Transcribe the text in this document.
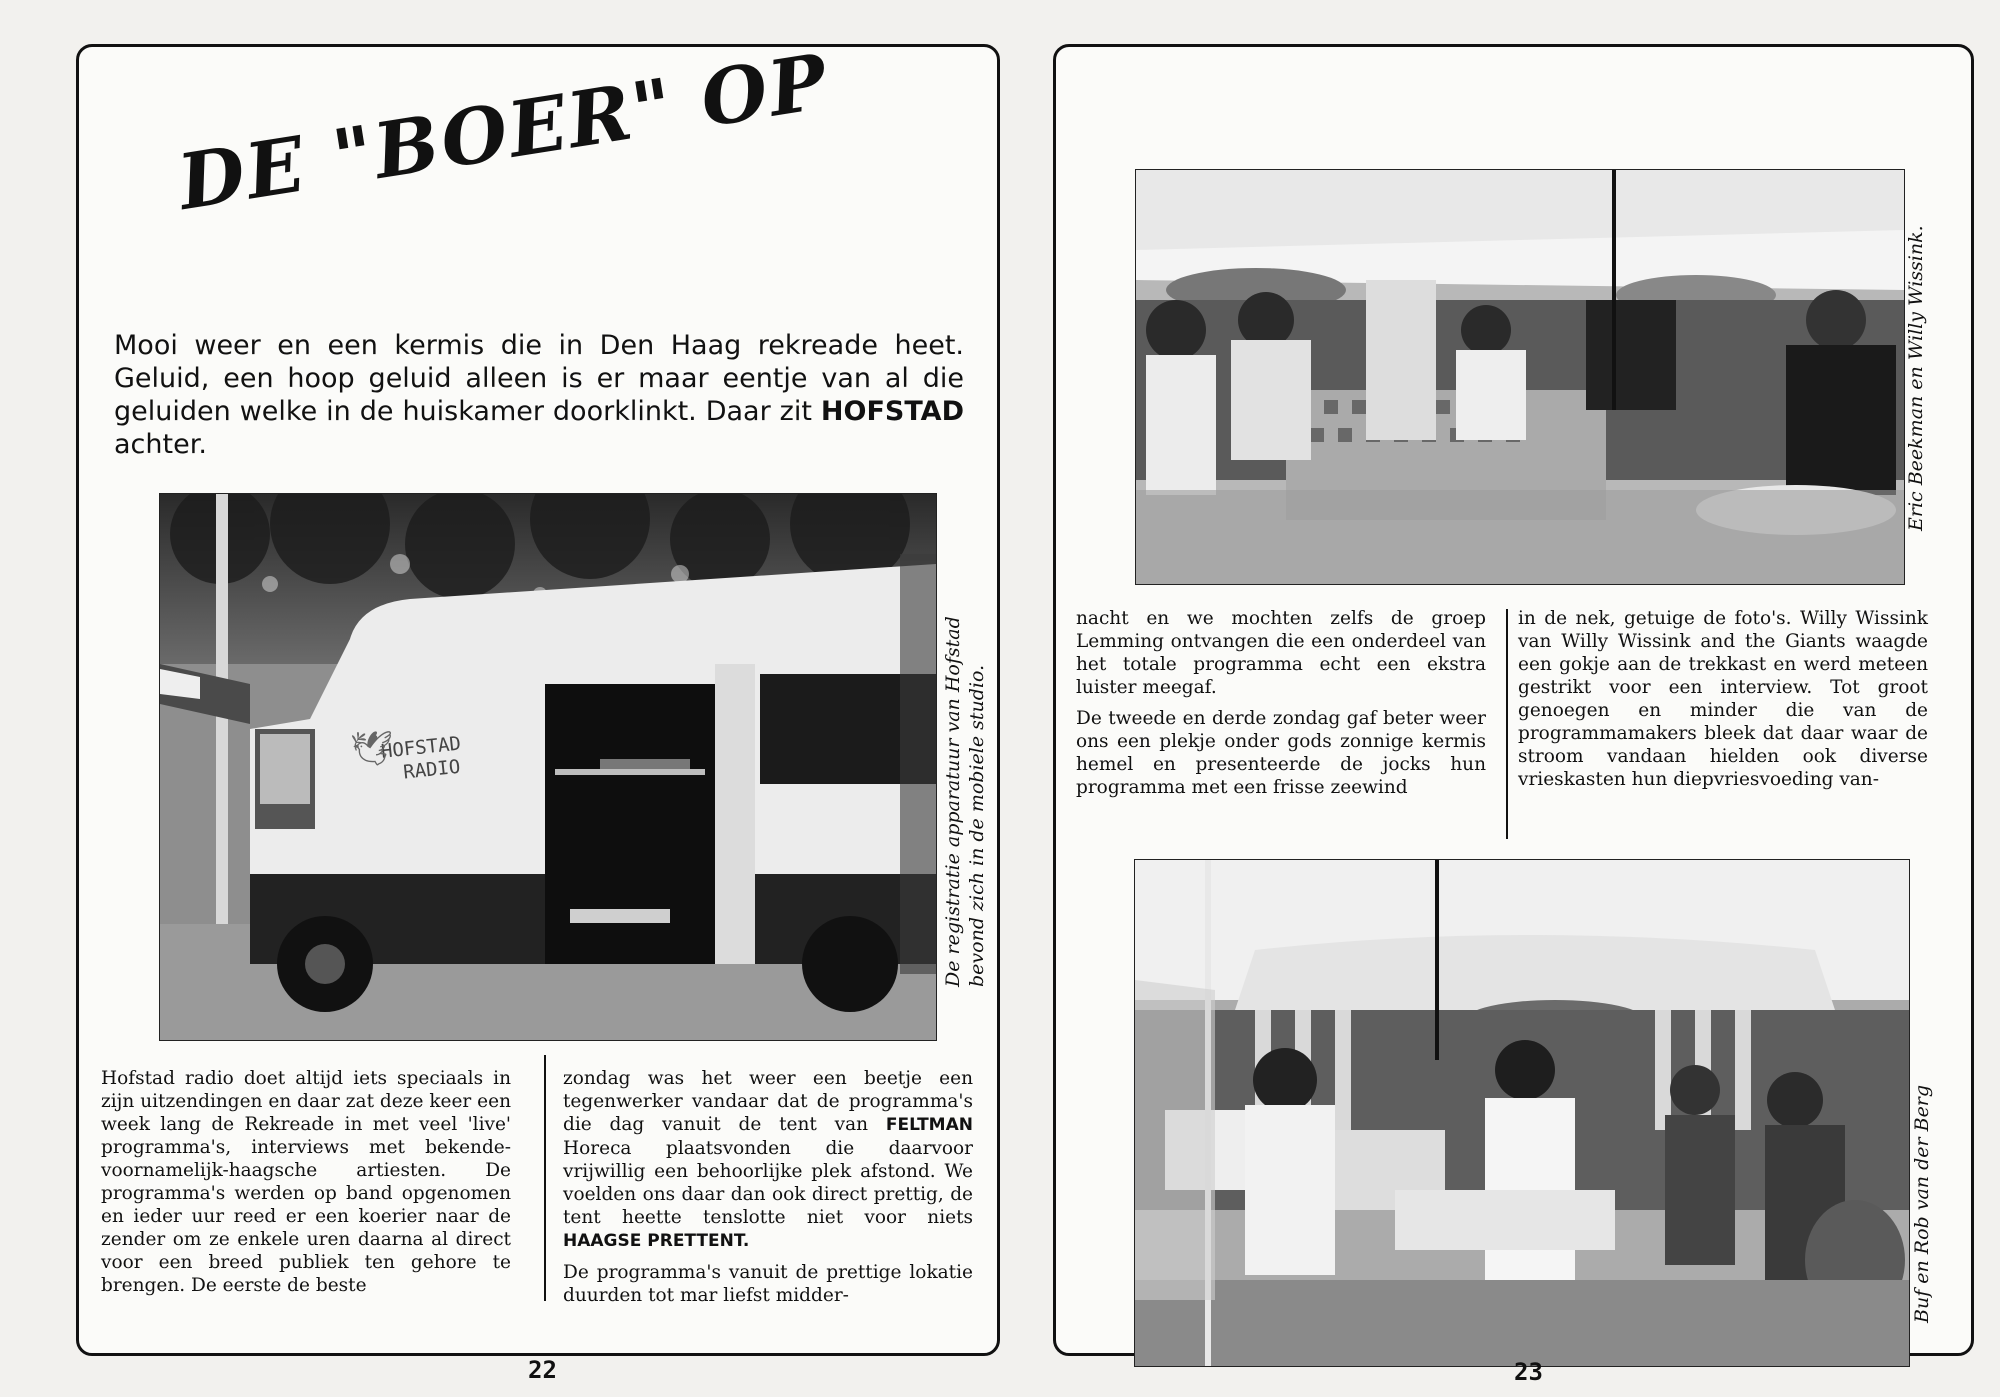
DE "BOER" OP
Mooi weer en een kermis die in Den Haag rekreade heet. Geluid, een hoop geluid alleen is er maar eentje van al die geluiden welke in de huiskamer doorklinkt. Daar zit HOFSTAD achter.
HOFSTAD
RADIO
🕊	De registratie apparatuur van Hofstad bevond zich in de mobiele studio.

Hofstad radio doet altijd iets speciaals in zijn uitzendingen en daar zat deze keer een week lang de Rekreade in met veel 'live' programma's, interviews met bekende-voornamelijk-haagsche artiesten. De programma's werden op band opgenomen en ieder uur reed er een koerier naar de zender om ze enkele uren daarna al direct voor een breed publiek ten gehore te brengen. De eerste de beste

zondag was het weer een beetje een tegenwerker vandaar dat de programma's die dag vanuit de tent van FELTMAN Horeca plaatsvonden die daarvoor vrijwillig een behoorlijke plek afstond. We voelden ons daar dan ook direct prettig, de tent heette tenslotte niet voor niets HAAGSE PRETTENT.

De programma's vanuit de prettige lokatie duurden tot mar liefst midder-

22
Eric Beekman en Willy Wissink.

nacht en we mochten zelfs de groep Lemming ontvangen die een onderdeel van het totale programma echt een ekstra luister meegaf.

De tweede en derde zondag gaf beter weer ons een plekje onder gods zonnige kermis hemel en presenteerde de jocks hun programma met een frisse zeewind

in de nek, getuige de foto's. Willy Wissink van Willy Wissink and the Giants waagde een gokje aan de trekkast en werd meteen gestrikt voor een interview. Tot groot genoegen en minder die van de programmamakers bleek dat daar waar de stroom vandaan hielden ook diverse vrieskasten hun diepvriesvoeding van-

Buf en Rob van der Berg
23
